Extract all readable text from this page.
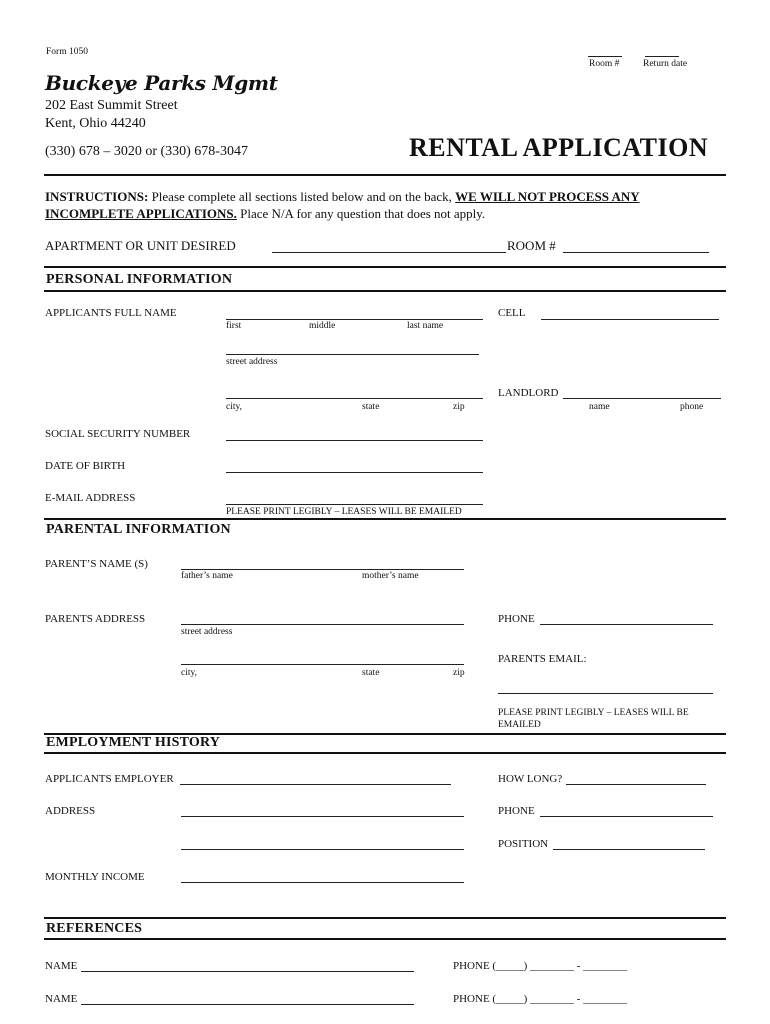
Form 1050
Room # Return date
Buckeye Parks Mgmt
202 East Summit Street
Kent, Ohio 44240
(330) 678 – 3020 or (330) 678-3047	RENTAL APPLICATION
INSTRUCTIONS: Please complete all sections listed below and on the back, WE WILL NOT PROCESS ANY
INCOMPLETE APPLICATIONS. Place N/A for any question that does not apply.
APARTMENT OR UNIT DESIRED	ROOM #
PERSONAL INFORMATION
APPLICANTS FULL NAME
first	middle	last name
CELL
street address
city,	state	zip
LANDLORD
name	phone
SOCIAL SECURITY NUMBER
DATE OF BIRTH
E-MAIL ADDRESS
PLEASE PRINT LEGIBLY – LEASES WILL BE EMAILED
PARENTAL INFORMATION
PARENT’S NAME (S)
father’s name	mother’s name
PARENTS ADDRESS
street address
PHONE
city,	state	zip
PARENTS EMAIL:
PLEASE PRINT LEGIBLY – LEASES WILL BE
EMAILED
EMPLOYMENT HISTORY
APPLICANTS EMPLOYER	HOW LONG?
ADDRESS	PHONE
POSITION
MONTHLY INCOME
REFERENCES
NAME	PHONE (_____) ________ - ________
NAME	PHONE (_____) ________ - ________
